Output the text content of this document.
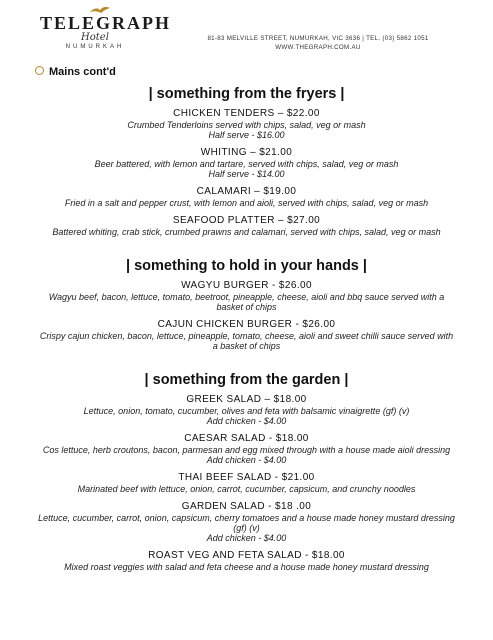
TELEGRAPH
Hotel
NUMURKAH
81-83 MELVILLE STREET, NUMURKAH, VIC 3636 | TEL. (03) 5862 1051
WWW.THEGRAPH.COM.AU
Mains cont'd
| something from the fryers |
CHICKEN TENDERS – $22.00
Crumbed Tenderloins served with chips, salad, veg or mash
Half serve - $16.00
WHITING – $21.00
Beer battered, with lemon and tartare, served with chips, salad, veg or mash
Half serve - $14.00
CALAMARI – $19.00
Fried in a salt and pepper crust, with lemon and aioli, served with chips, salad, veg or mash
SEAFOOD PLATTER – $27.00
Battered whiting, crab stick, crumbed prawns and calamari, served with chips, salad, veg or mash
| something to hold in your hands |
WAGYU BURGER - $26.00
Wagyu beef, bacon, lettuce, tomato, beetroot, pineapple, cheese, aioli and bbq sauce served with a basket of chips
CAJUN CHICKEN BURGER - $26.00
Crispy cajun chicken, bacon, lettuce, pineapple, tomato, cheese, aioli and sweet chilli sauce served with a basket of chips
| something from the garden |
GREEK SALAD – $18.00
Lettuce, onion, tomato, cucumber, olives and feta with balsamic vinaigrette (gf) (v)
Add chicken - $4.00
CAESAR SALAD - $18.00
Cos lettuce, herb croutons, bacon, parmesan and egg mixed through with a house made aioli dressing
Add chicken - $4.00
THAI BEEF SALAD - $21.00
Marinated beef with lettuce, onion, carrot, cucumber, capsicum, and crunchy noodles
GARDEN SALAD - $18 .00
Lettuce, cucumber, carrot, onion, capsicum, cherry tomatoes and a house made honey mustard dressing (gf) (v)
Add chicken - $4.00
ROAST VEG AND FETA SALAD - $18.00
Mixed roast veggies with salad and feta cheese and a house made honey mustard dressing
